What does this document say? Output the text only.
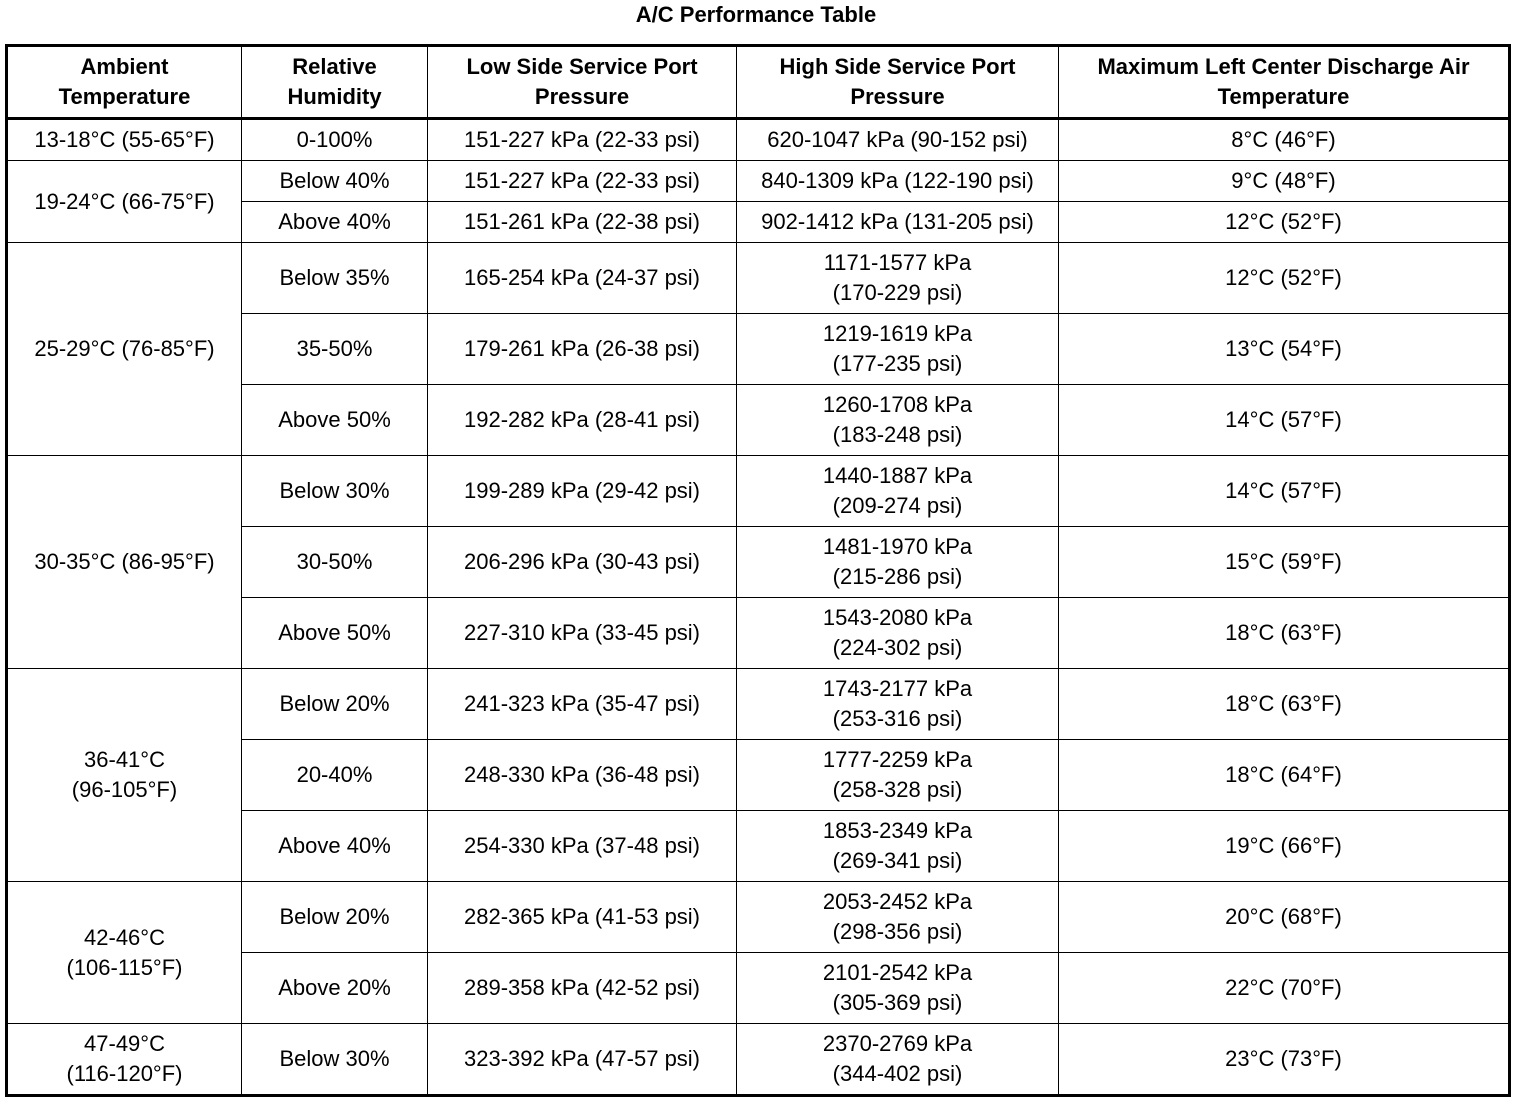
A/C Performance Table
Ambient Temperature	Relative Humidity	Low Side Service Port Pressure	High Side Service Port Pressure	Maximum Left Center Discharge Air Temperature

13-18°C (55-65°F)	0-100%	151-227 kPa (22-33 psi)	620-1047 kPa (90-152 psi)	8°C (46°F)

19-24°C (66-75°F)	Below 40%	151-227 kPa (22-33 psi)	840-1309 kPa (122-190 psi)	9°C (48°F)
	Above 40%	151-261 kPa (22-38 psi)	902-1412 kPa (131-205 psi)	12°C (52°F)

25-29°C (76-85°F)	Below 35%	165-254 kPa (24-37 psi)	1171-1577 kPa
(170-229 psi)	12°C (52°F)
	35-50%	179-261 kPa (26-38 psi)	1219-1619 kPa
(177-235 psi)	13°C (54°F)
	Above 50%	192-282 kPa (28-41 psi)	1260-1708 kPa
(183-248 psi)	14°C (57°F)

30-35°C (86-95°F)	Below 30%	199-289 kPa (29-42 psi)	1440-1887 kPa
(209-274 psi)	14°C (57°F)
	30-50%	206-296 kPa (30-43 psi)	1481-1970 kPa
(215-286 psi)	15°C (59°F)
	Above 50%	227-310 kPa (33-45 psi)	1543-2080 kPa
(224-302 psi)	18°C (63°F)

36-41°C
(96-105°F)	Below 20%	241-323 kPa (35-47 psi)	1743-2177 kPa
(253-316 psi)	18°C (63°F)
	20-40%	248-330 kPa (36-48 psi)	1777-2259 kPa
(258-328 psi)	18°C (64°F)
	Above 40%	254-330 kPa (37-48 psi)	1853-2349 kPa
(269-341 psi)	19°C (66°F)

42-46°C
(106-115°F)	Below 20%	282-365 kPa (41-53 psi)	2053-2452 kPa
(298-356 psi)	20°C (68°F)
	Above 20%	289-358 kPa (42-52 psi)	2101-2542 kPa
(305-369 psi)	22°C (70°F)

47-49°C
(116-120°F)	Below 30%	323-392 kPa (47-57 psi)	2370-2769 kPa
(344-402 psi)	23°C (73°F)
